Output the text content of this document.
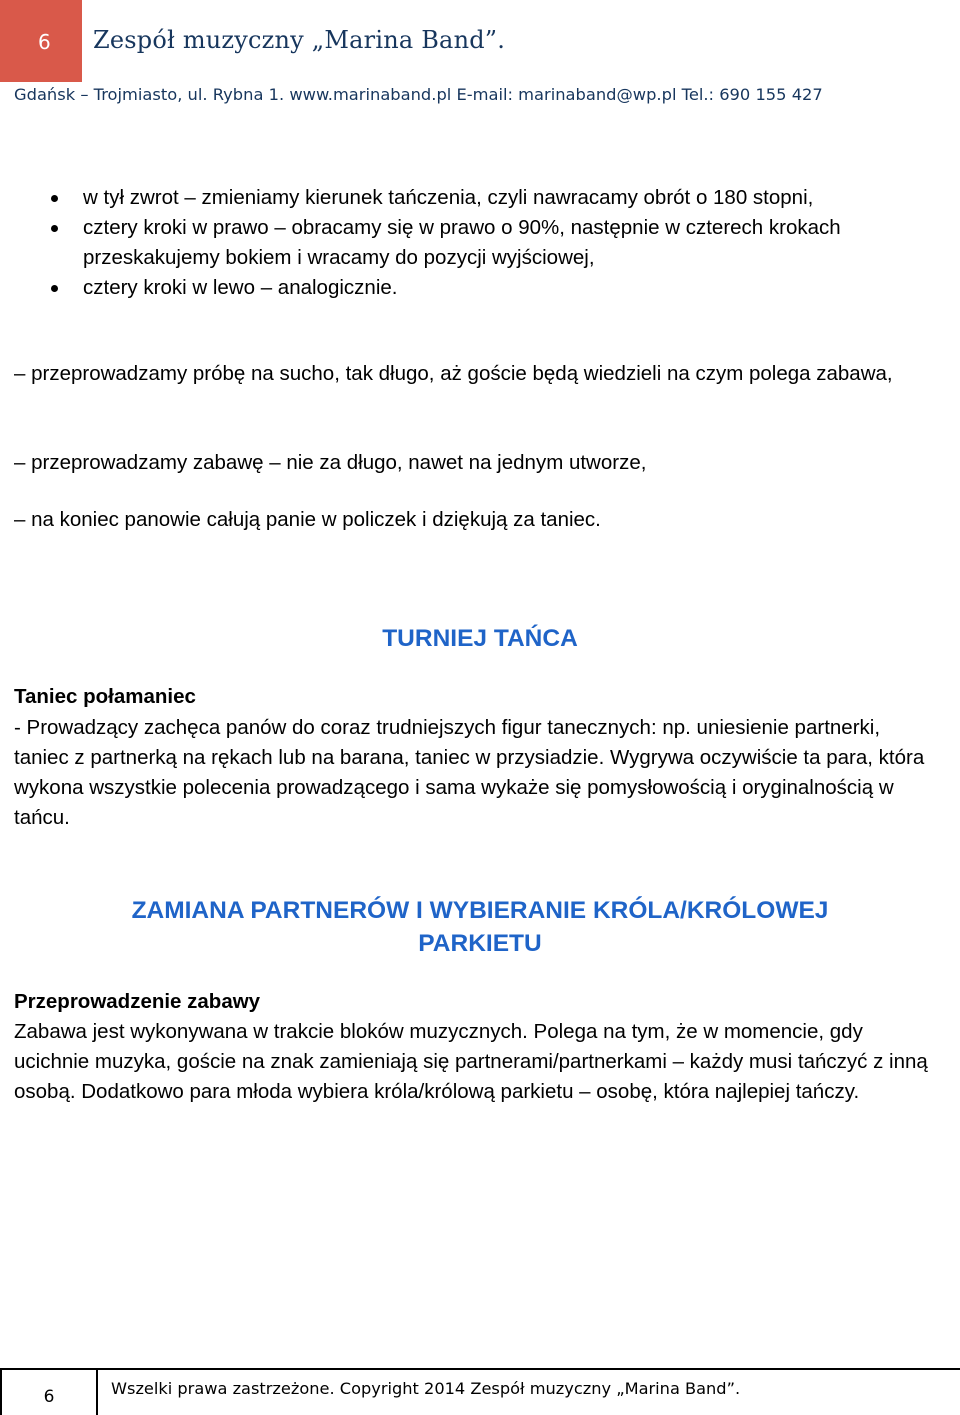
6 Zespół muzyczny „Marina Band”.
Gdańsk – Trojmiasto, ul. Rybna 1. www.marinaband.pl E-mail: marinaband@wp.pl Tel.: 690 155 427
w tył zwrot – zmieniamy kierunek tańczenia, czyli nawracamy obrót o 180 stopni,
cztery kroki w prawo – obracamy się w prawo o 90%, następnie w czterech krokach przeskakujemy bokiem i wracamy do pozycji wyjściowej,
cztery kroki w lewo – analogicznie.

– przeprowadzamy próbę na sucho, tak długo, aż goście będą wiedzieli na czym polega zabawa,

– przeprowadzamy zabawę – nie za długo, nawet na jednym utworze,

– na koniec panowie całują panie w policzek i dziękują za taniec.

TURNIEJ TAŃCA

Taniec połamaniec

- Prowadzący zachęca panów do coraz trudniejszych figur tanecznych: np. uniesienie partnerki, taniec z partnerką na rękach lub na barana, taniec w przysiadzie. Wygrywa oczywiście ta para, która wykona wszystkie polecenia prowadzącego i sama wykaże się pomysłowością i oryginalnością w tańcu.

ZAMIANA PARTNERÓW I WYBIERANIE KRÓLA/KRÓLOWEJ
PARKIETU

Przeprowadzenie zabawy

Zabawa jest wykonywana w trakcie bloków muzycznych. Polega na tym, że w momencie, gdy ucichnie muzyka, goście na znak zamieniają się partnerami/partnerkami – każdy musi tańczyć z inną osobą. Dodatkowo para młoda wybiera króla/królową parkietu – osobę, która najlepiej tańczy.

6	Wszelki prawa zastrzeżone. Copyright 2014 Zespół muzyczny „Marina Band”.
